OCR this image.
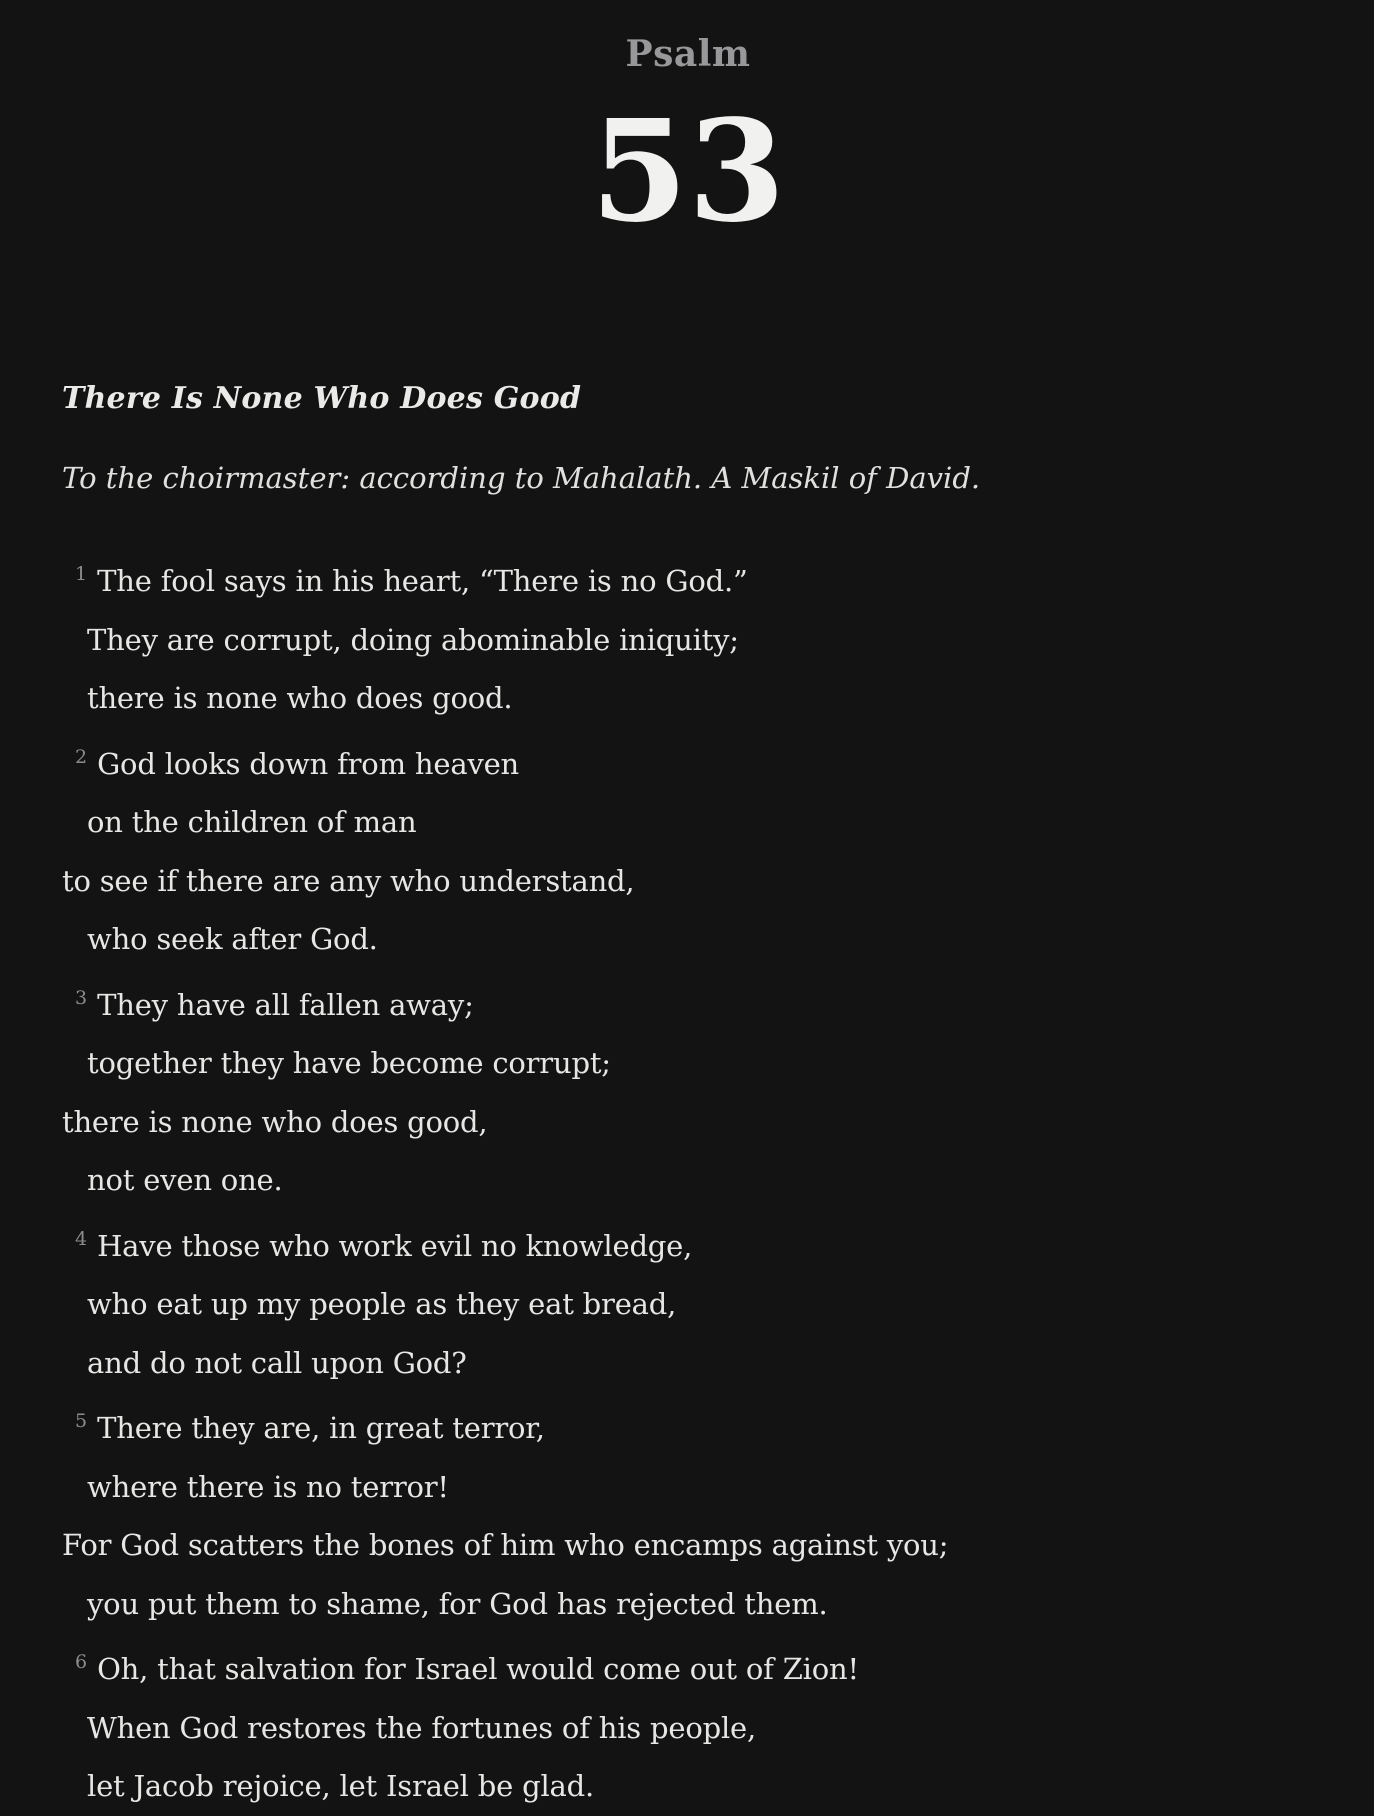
Psalm
53
There Is None Who Does Good

To the choirmaster: according to Mahalath. A Maskil of David.

$^1$ The fool says in his heart, “There is no God.”
They are corrupt, doing abominable iniquity;
there is none who does good.
$^2$ God looks down from heaven
on the children of man
to see if there are any who understand,
who seek after God.
$^3$ They have all fallen away;
together they have become corrupt;
there is none who does good,
not even one.
$^4$ Have those who work evil no knowledge,
who eat up my people as they eat bread,
and do not call upon God?
$^5$ There they are, in great terror,
where there is no terror!
For God scatters the bones of him who encamps against you;
you put them to shame, for God has rejected them.
$^6$ Oh, that salvation for Israel would come out of Zion!
When God restores the fortunes of his people,
let Jacob rejoice, let Israel be glad.
